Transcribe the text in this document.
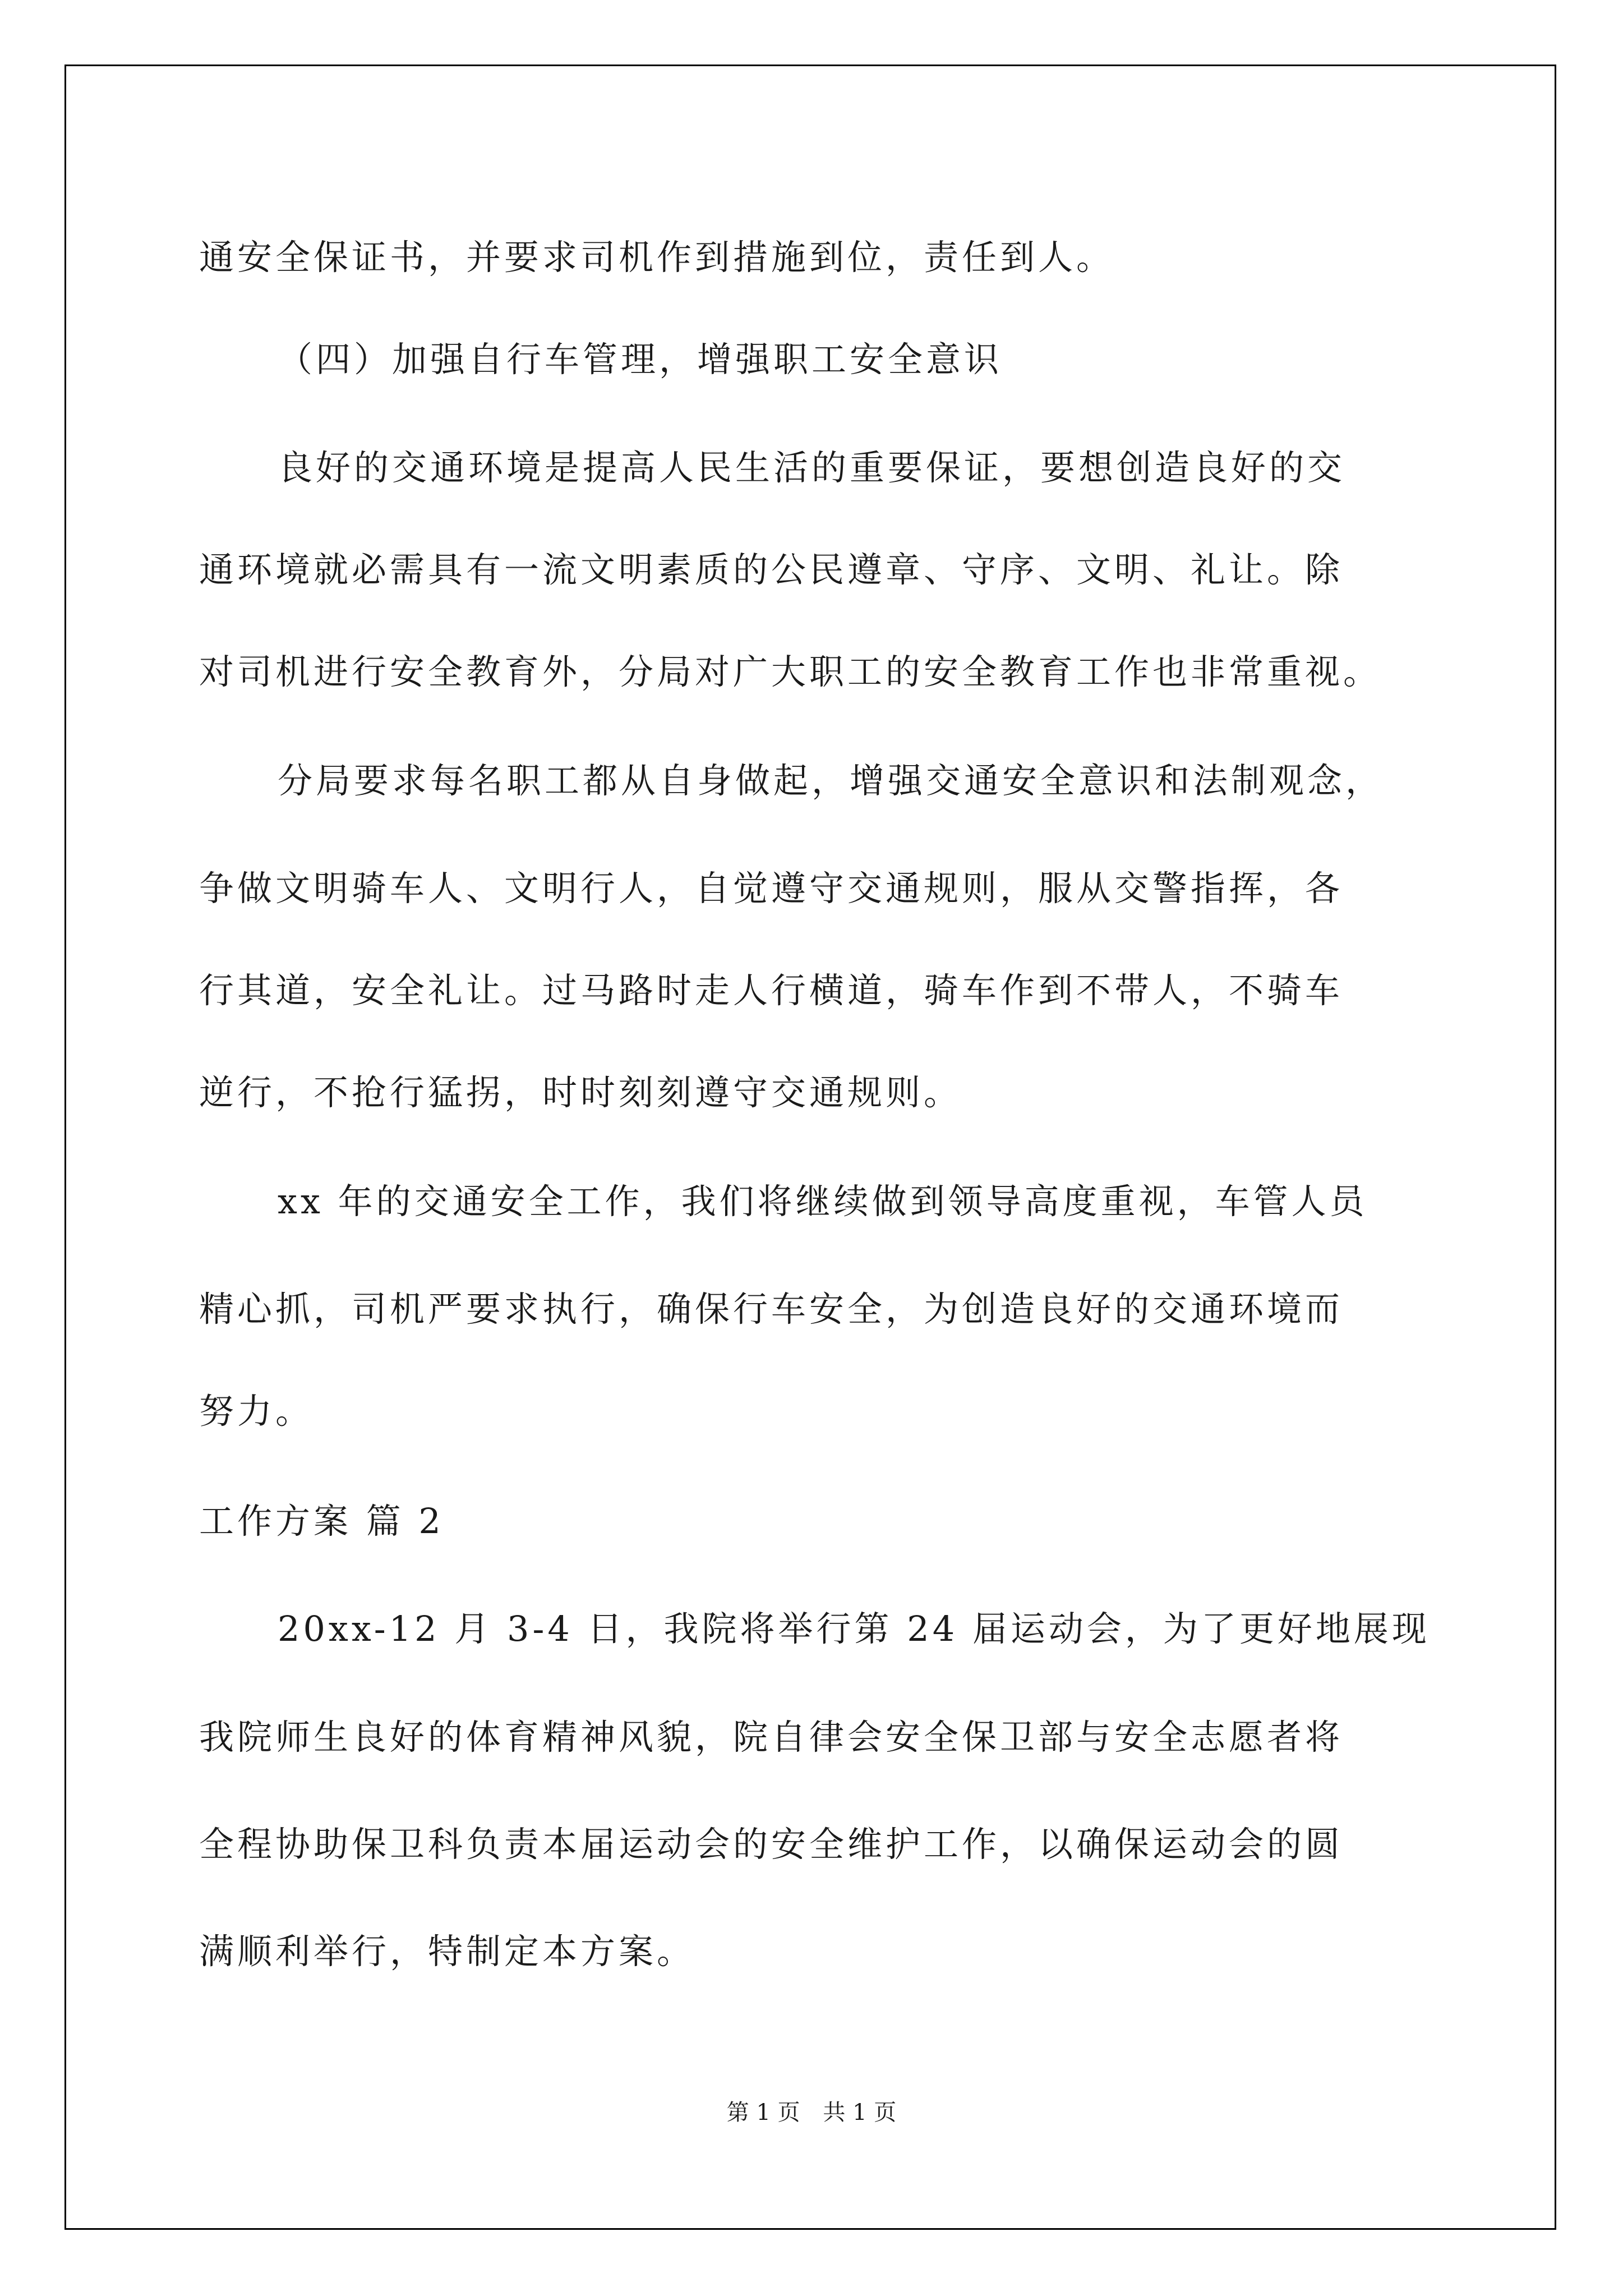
通安全保证书，并要求司机作到措施到位，责任到人。
（四）加强自行车管理，增强职工安全意识
良好的交通环境是提高人民生活的重要保证，要想创造良好的交
通环境就必需具有一流文明素质的公民遵章、守序、文明、礼让。除
对司机进行安全教育外，分局对广大职工的安全教育工作也非常重视。
分局要求每名职工都从自身做起，增强交通安全意识和法制观念，
争做文明骑车人、文明行人，自觉遵守交通规则，服从交警指挥，各
行其道，安全礼让。过马路时走人行横道，骑车作到不带人，不骑车
逆行，不抢行猛拐，时时刻刻遵守交通规则。
xx 年的交通安全工作，我们将继续做到领导高度重视，车管人员
精心抓，司机严要求执行，确保行车安全，为创造良好的交通环境而
努力。
工作方案 篇 2
20xx-12 月 3-4 日，我院将举行第 24 届运动会，为了更好地展现
我院师生良好的体育精神风貌，院自律会安全保卫部与安全志愿者将
全程协助保卫科负责本届运动会的安全维护工作，以确保运动会的圆
满顺利举行，特制定本方案。
第 1 页 共 1 页
